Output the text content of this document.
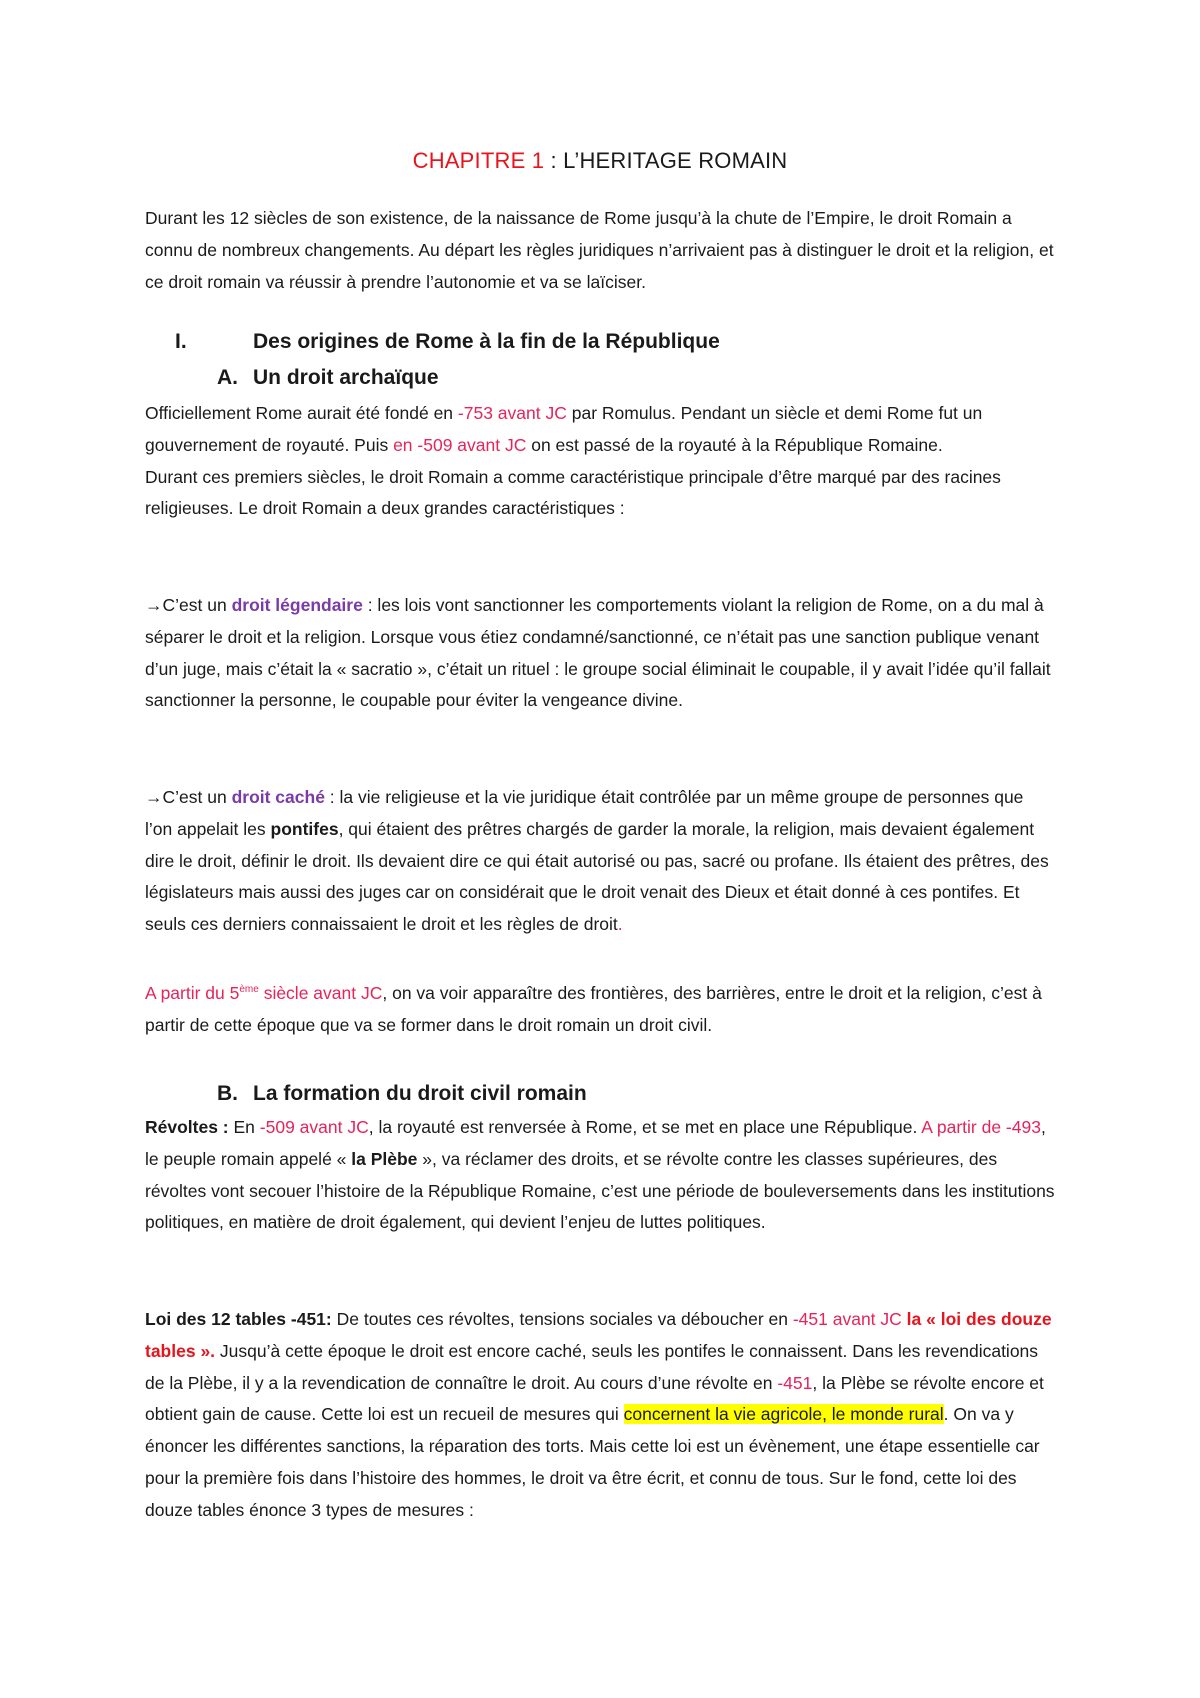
CHAPITRE 1 : L’HERITAGE ROMAIN

Durant les 12 siècles de son existence, de la naissance de Rome jusqu’à la chute de l’Empire, le droit Romain a connu de nombreux changements. Au départ les règles juridiques n’arrivaient pas à distinguer le droit et la religion, et ce droit romain va réussir à prendre l’autonomie et va se laïciser.

I.	Des origines de Rome à la fin de la République
A. Un droit archaïque

Officiellement Rome aurait été fondé en -753 avant JC par Romulus. Pendant un siècle et demi Rome fut un gouvernement de royauté. Puis en -509 avant JC on est passé de la royauté à la République Romaine.
Durant ces premiers siècles, le droit Romain a comme caractéristique principale d’être marqué par des racines religieuses. Le droit Romain a deux grandes caractéristiques :

→C’est un droit légendaire : les lois vont sanctionner les comportements violant la religion de Rome, on a du mal à séparer le droit et la religion. Lorsque vous étiez condamné/sanctionné, ce n’était pas une sanction publique venant d’un juge, mais c’était la « sacratio », c’était un rituel : le groupe social éliminait le coupable, il y avait l’idée qu’il fallait sanctionner la personne, le coupable pour éviter la vengeance divine.

→C’est un droit caché : la vie religieuse et la vie juridique était contrôlée par un même groupe de personnes que l’on appelait les pontifes, qui étaient des prêtres chargés de garder la morale, la religion, mais devaient également dire le droit, définir le droit. Ils devaient dire ce qui était autorisé ou pas, sacré ou profane. Ils étaient des prêtres, des législateurs mais aussi des juges car on considérait que le droit venait des Dieux et était donné à ces pontifes. Et seuls ces derniers connaissaient le droit et les règles de droit.

A partir du 5ème siècle avant JC, on va voir apparaître des frontières, des barrières, entre le droit et la religion, c’est à partir de cette époque que va se former dans le droit romain un droit civil.

B. La formation du droit civil romain

Révoltes : En -509 avant JC, la royauté est renversée à Rome, et se met en place une République. A partir de -493, le peuple romain appelé « la Plèbe », va réclamer des droits, et se révolte contre les classes supérieures, des révoltes vont secouer l’histoire de la République Romaine, c’est une période de bouleversements dans les institutions politiques, en matière de droit également, qui devient l’enjeu de luttes politiques.

Loi des 12 tables -451: De toutes ces révoltes, tensions sociales va déboucher en -451 avant JC la « loi des douze tables ». Jusqu’à cette époque le droit est encore caché, seuls les pontifes le connaissent. Dans les revendications de la Plèbe, il y a la revendication de connaître le droit. Au cours d’une révolte en -451, la Plèbe se révolte encore et obtient gain de cause. Cette loi est un recueil de mesures qui concernent la vie agricole, le monde rural. On va y énoncer les différentes sanctions, la réparation des torts. Mais cette loi est un évènement, une étape essentielle car pour la première fois dans l’histoire des hommes, le droit va être écrit, et connu de tous. Sur le fond, cette loi des douze tables énonce 3 types de mesures :
